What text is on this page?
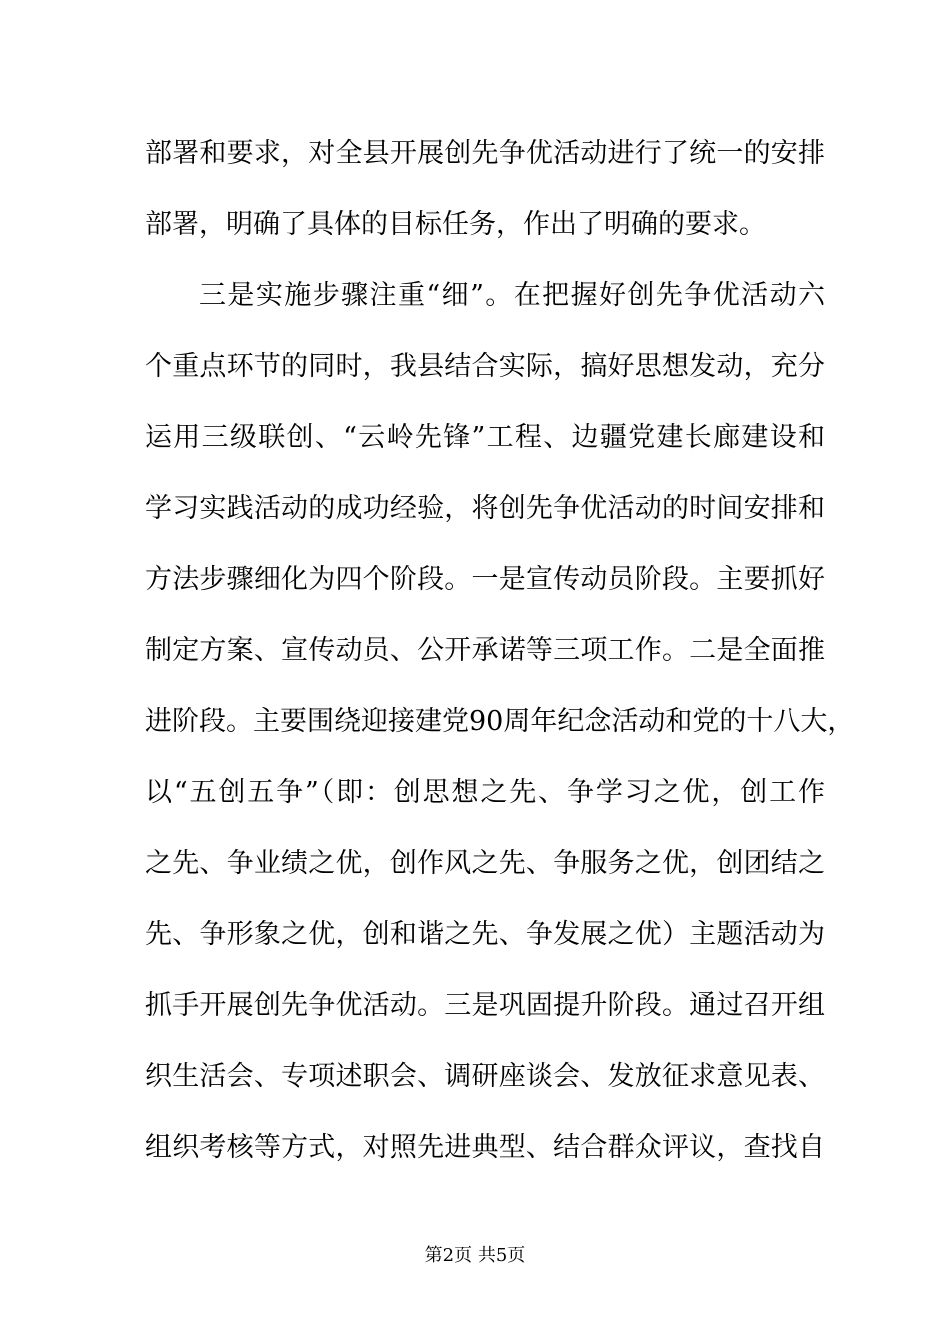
部署和要求，对全县开展创先争优活动进行了统一的安排
部署，明确了具体的目标任务，作出了明确的要求。
三是实施步骤注重“细”。在把握好创先争优活动六
个重点环节的同时，我县结合实际，搞好思想发动，充分
运用三级联创、“云岭先锋”工程、边疆党建长廊建设和
学习实践活动的成功经验，将创先争优活动的时间安排和
方法步骤细化为四个阶段。一是宣传动员阶段。主要抓好
制定方案、宣传动员、公开承诺等三项工作。二是全面推
进阶段。主要围绕迎接建党90周年纪念活动和党的十八大，
以“五创五争”（即：创思想之先、争学习之优，创工作
之先、争业绩之优，创作风之先、争服务之优，创团结之
先、争形象之优，创和谐之先、争发展之优）主题活动为
抓手开展创先争优活动。三是巩固提升阶段。通过召开组
织生活会、专项述职会、调研座谈会、发放征求意见表、
组织考核等方式，对照先进典型、结合群众评议，查找自
第2页 共5页
